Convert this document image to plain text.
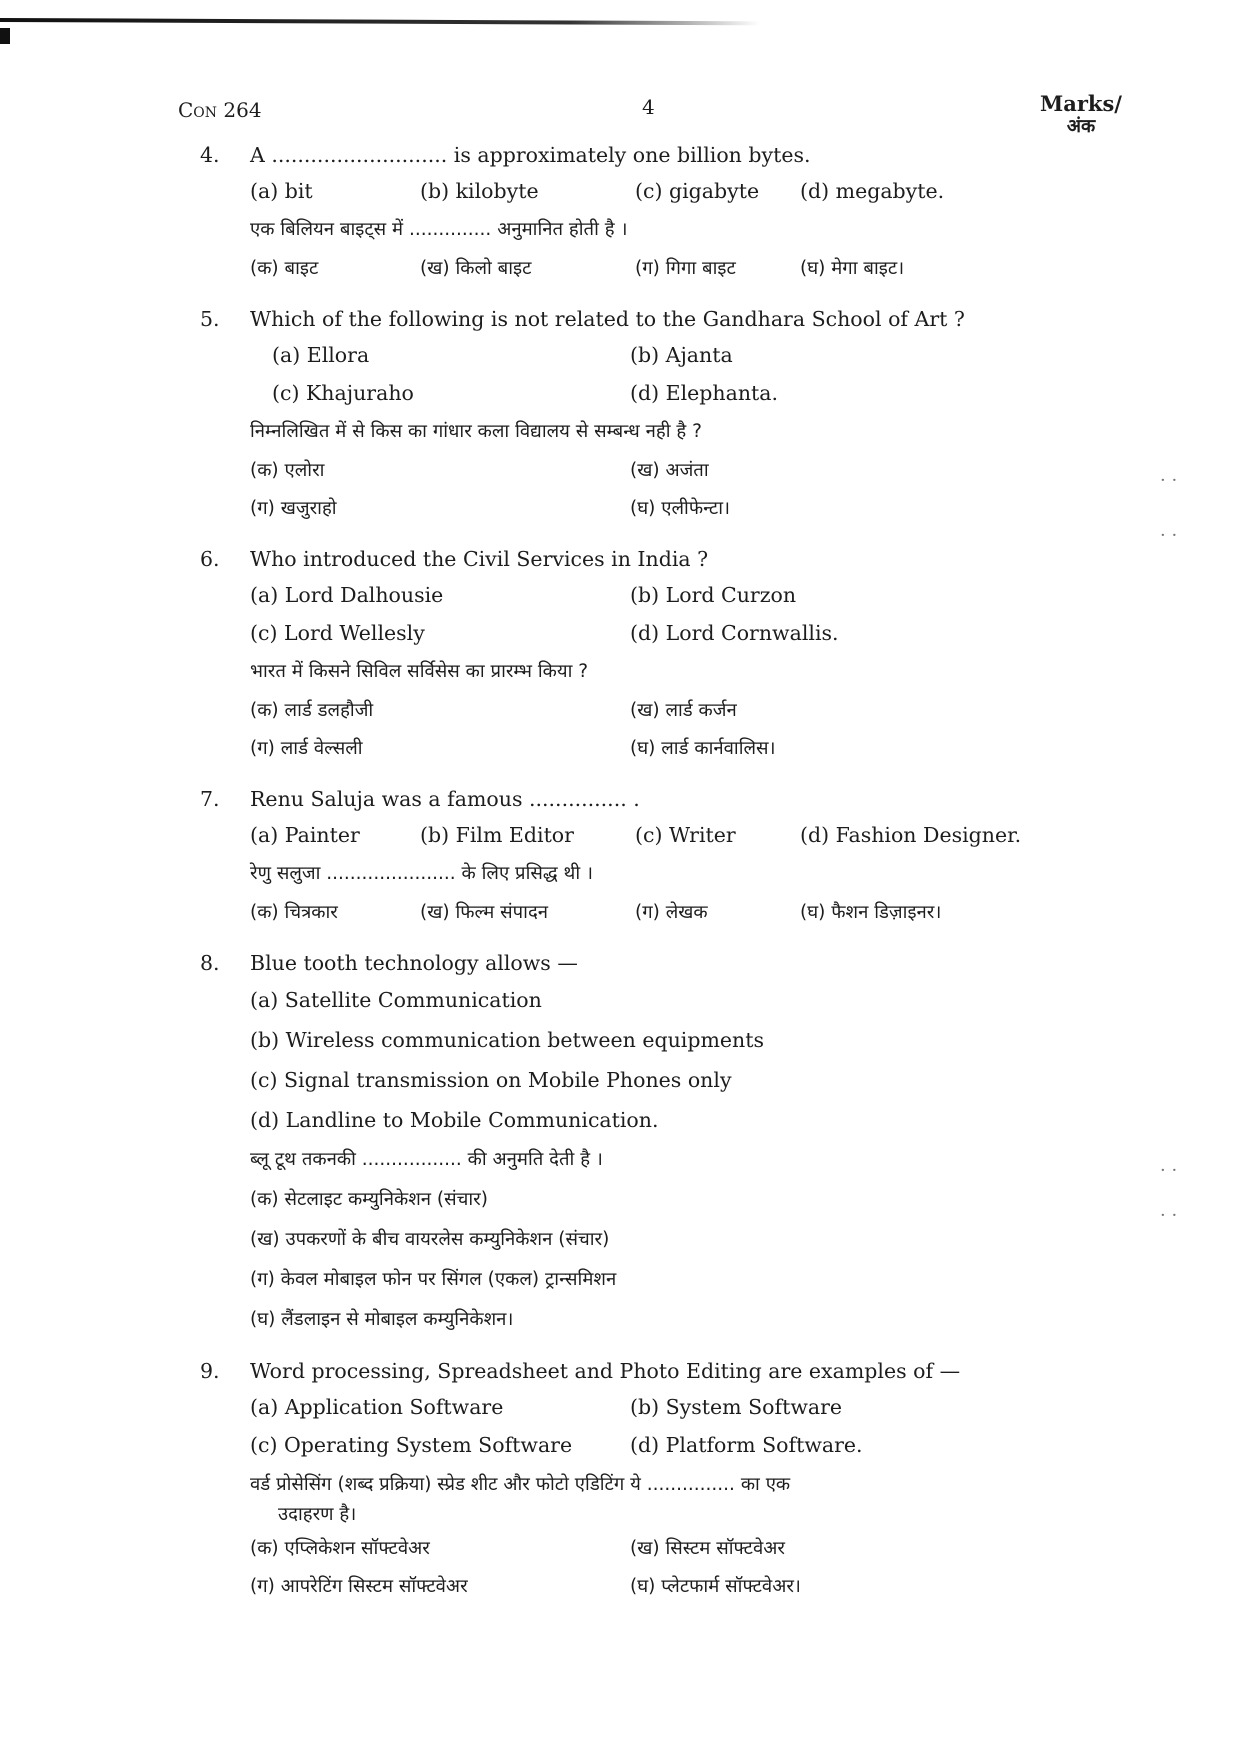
Con 264	4	Marks/
अंक
4.	A ........................... is approximately one billion bytes.
(a) bit	(b) kilobyte	(c) gigabyte	(d) megabyte.
एक बिलियन बाइट्स में .............. अनुमानित होती है ।
(क) बाइट	(ख) किलो बाइट	(ग) गिगा बाइट	(घ) मेगा बाइट।
5.	Which of the following is not related to the Gandhara School of Art ?
(a) Ellora	(b) Ajanta
(c) Khajuraho	(d) Elephanta.
निम्नलिखित में से किस का गांधार कला विद्यालय से सम्बन्ध नही है ?
(क) एलोरा	(ख) अजंता
(ग) खजुराहो	(घ) एलीफेन्टा।
6.	Who introduced the Civil Services in India ?
(a) Lord Dalhousie	(b) Lord Curzon
(c) Lord Wellesly	(d) Lord Cornwallis.
भारत में किसने सिविल सर्विसेस का प्रारम्भ किया ?
(क) लार्ड डलहौजी	(ख) लार्ड कर्जन
(ग) लार्ड वेल्सली	(घ) लार्ड कार्नवालिस।
7.	Renu Saluja was a famous ............... .
(a) Painter	(b) Film Editor	(c) Writer	(d) Fashion Designer.
रेणु सलुजा ...................... के लिए प्रसिद्ध थी ।
(क) चित्रकार	(ख) फिल्म संपादन	(ग) लेखक	(घ) फैशन डिज़ाइनर।
8.	Blue tooth technology allows —
(a) Satellite Communication
(b) Wireless communication between equipments
(c) Signal transmission on Mobile Phones only
(d) Landline to Mobile Communication.
ब्लू टूथ तकनकी ................. की अनुमति देती है ।
(क) सेटलाइट कम्युनिकेशन (संचार)
(ख) उपकरणों के बीच वायरलेस कम्युनिकेशन (संचार)
(ग) केवल मोबाइल फोन पर सिंगल (एकल) ट्रान्समिशन
(घ) लैंडलाइन से मोबाइल कम्युनिकेशन।
9.	Word processing, Spreadsheet and Photo Editing are examples of —
(a) Application Software	(b) System Software
(c) Operating System Software	(d) Platform Software.
वर्ड प्रोसेसिंग (शब्द प्रक्रिया) स्प्रेड शीट और फोटो एडिटिंग ये ............... का एक
उदाहरण है।
(क) एप्लिकेशन सॉफ्टवेअर	(ख) सिस्टम सॉफ्टवेअर
(ग) आपरेटिंग सिस्टम सॉफ्टवेअर	(घ) प्लेटफार्म सॉफ्टवेअर।
· ·
· ·
· ·
· ·
